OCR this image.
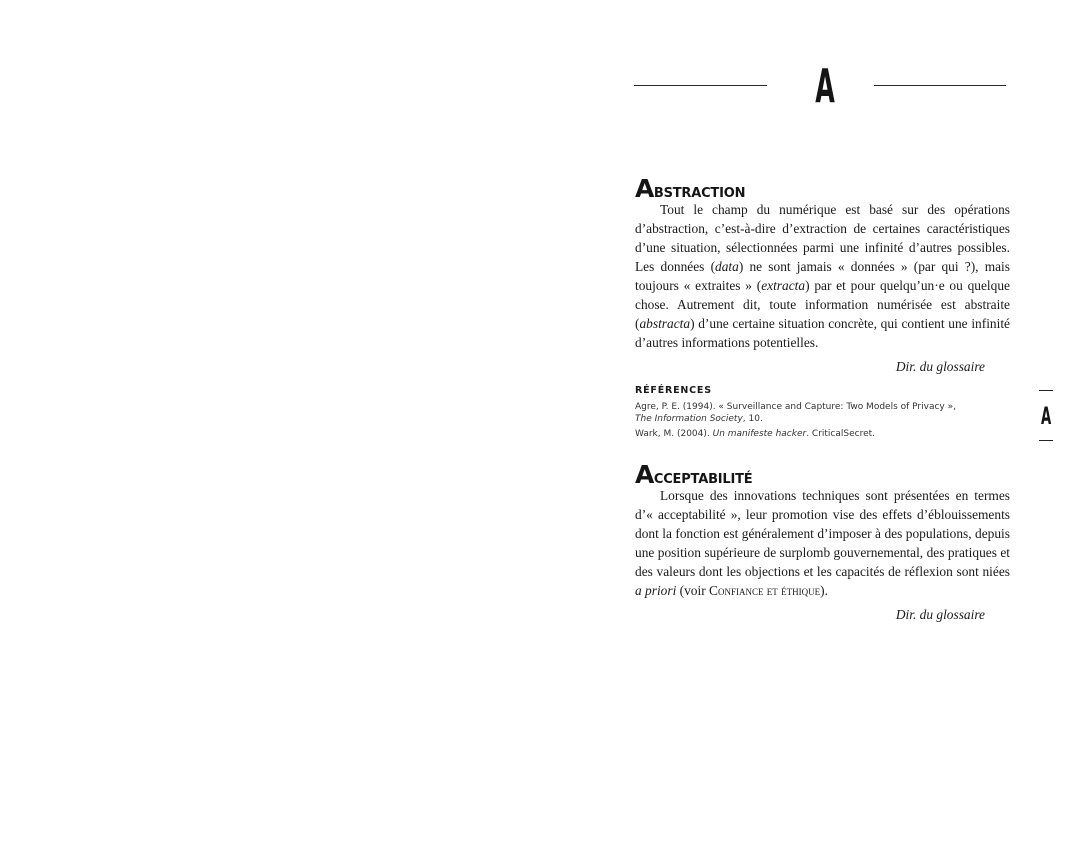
A
ABSTRACTION

Tout le champ du numérique est basé sur des opérations d’abstraction, c’est-à-dire d’extraction de certaines caractéristiques d’une situation, sélectionnées parmi une infinité d’autres possibles. Les données (data) ne sont jamais « données » (par qui ?), mais toujours « extraites » (extracta) par et pour quelqu’un·e ou quelque chose. Autrement dit, toute information numérisée est abstraite (abstracta) d’une certaine situation concrète, qui contient une infinité d’autres informations potentielles.

Dir. du glossaire
RÉFÉRENCES
Agre, P. E. (1994). « Surveillance and Capture: Two Models of Privacy »,
The Information Society, 10.
Wark, M. (2004). Un manifeste hacker. CriticalSecret.
ACCEPTABILITÉ

Lorsque des innovations techniques sont présentées en termes d’« acceptabilité », leur promotion vise des effets d’éblouissements dont la fonction est généralement d’imposer à des populations, depuis une position supérieure de surplomb gouvernemental, des pratiques et des valeurs dont les objections et les capacités de réflexion sont niées a priori (voir Confiance et éthique).

Dir. du glossaire
A
